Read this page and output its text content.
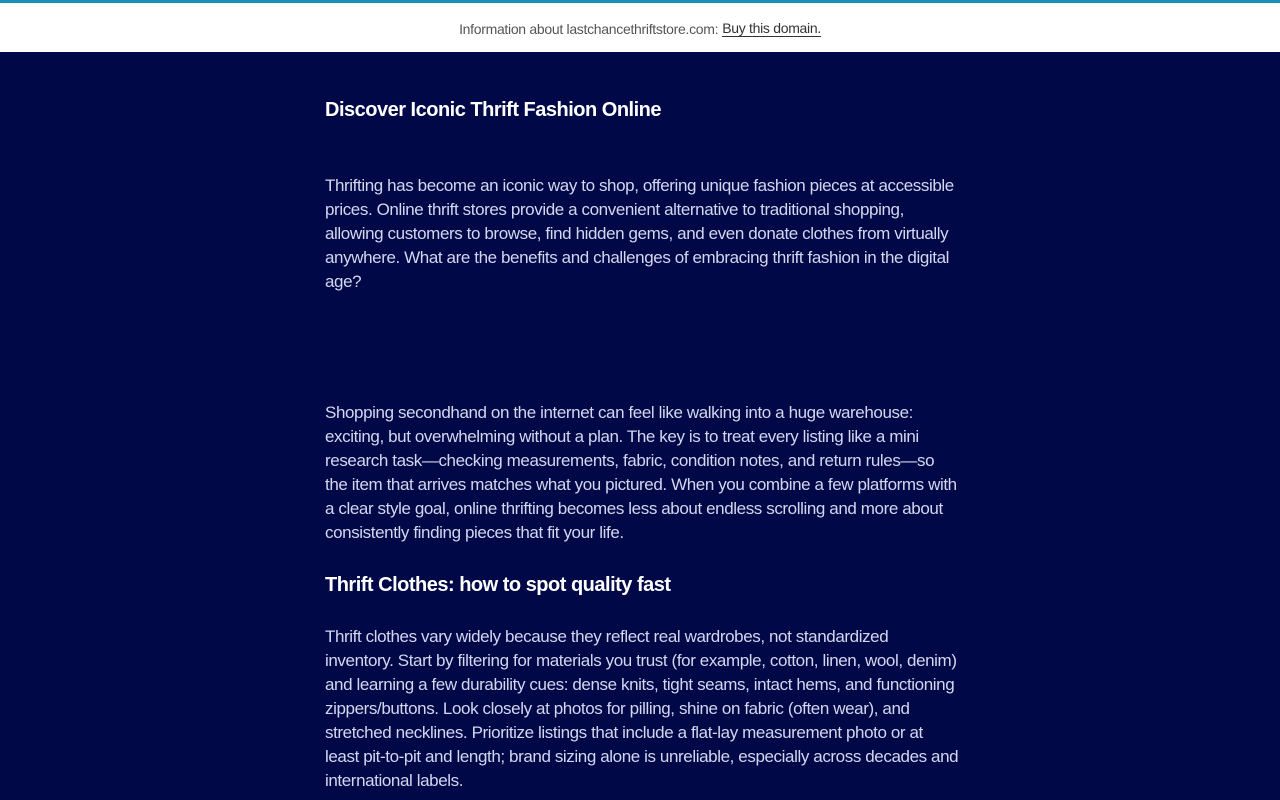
Information about lastchancethriftstore.com: Buy this domain.
Discover Iconic Thrift Fashion Online

Thrifting has become an iconic way to shop, offering unique fashion pieces at accessible prices. Online thrift stores provide a convenient alternative to traditional shopping, allowing customers to browse, find hidden gems, and even donate clothes from virtually anywhere. What are the benefits and challenges of embracing thrift fashion in the digital age?

Shopping secondhand on the internet can feel like walking into a huge warehouse: exciting, but overwhelming without a plan. The key is to treat every listing like a mini research task—checking measurements, fabric, condition notes, and return rules—so the item that arrives matches what you pictured. When you combine a few platforms with a clear style goal, online thrifting becomes less about endless scrolling and more about consistently finding pieces that fit your life.

Thrift Clothes: how to spot quality fast

Thrift clothes vary widely because they reflect real wardrobes, not standardized inventory. Start by filtering for materials you trust (for example, cotton, linen, wool, denim) and learning a few durability cues: dense knits, tight seams, intact hems, and functioning zippers/buttons. Look closely at photos for pilling, shine on fabric (often wear), and stretched necklines. Prioritize listings that include a flat-lay measurement photo or at least pit-to-pit and length; brand sizing alone is unreliable, especially across decades and international labels.
